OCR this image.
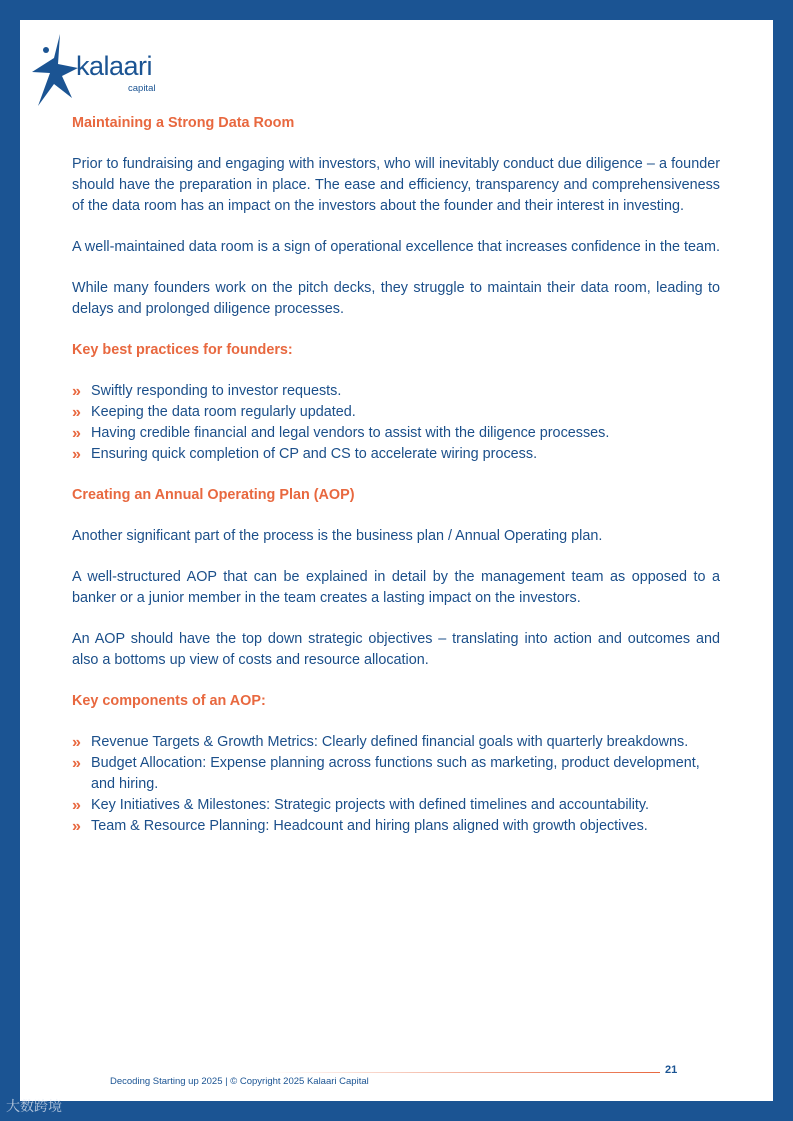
kalaari
capital
Maintaining a Strong Data Room

Prior to fundraising and engaging with investors, who will inevitably conduct due diligence – a founder should have the preparation in place. The ease and efficiency, transparency and comprehensiveness of the data room has an impact on the investors about the founder and their interest in investing.

A well-maintained data room is a sign of operational excellence that increases confidence in the team.

While many founders work on the pitch decks, they struggle to maintain their data room, leading to delays and prolonged diligence processes.

Key best practices for founders:
» Swiftly responding to investor requests.
» Keeping the data room regularly updated.
» Having credible financial and legal vendors to assist with the diligence processes.
» Ensuring quick completion of CP and CS to accelerate wiring process.
Creating an Annual Operating Plan (AOP)

Another significant part of the process is the business plan / Annual Operating plan.

A well-structured AOP that can be explained in detail by the management team as opposed to a banker or a junior member in the team creates a lasting impact on the investors.

An AOP should have the top down strategic objectives – translating into action and outcomes and also a bottoms up view of costs and resource allocation.

Key components of an AOP:
» Revenue Targets & Growth Metrics: Clearly defined financial goals with quarterly breakdowns.
» Budget Allocation: Expense planning across functions such as marketing, product development, and hiring.
» Key Initiatives & Milestones: Strategic projects with defined timelines and accountability.
» Team & Resource Planning: Headcount and hiring plans aligned with growth objectives.
Decoding Starting up 2025 | © Copyright 2025 Kalaari Capital
21
大数跨境
